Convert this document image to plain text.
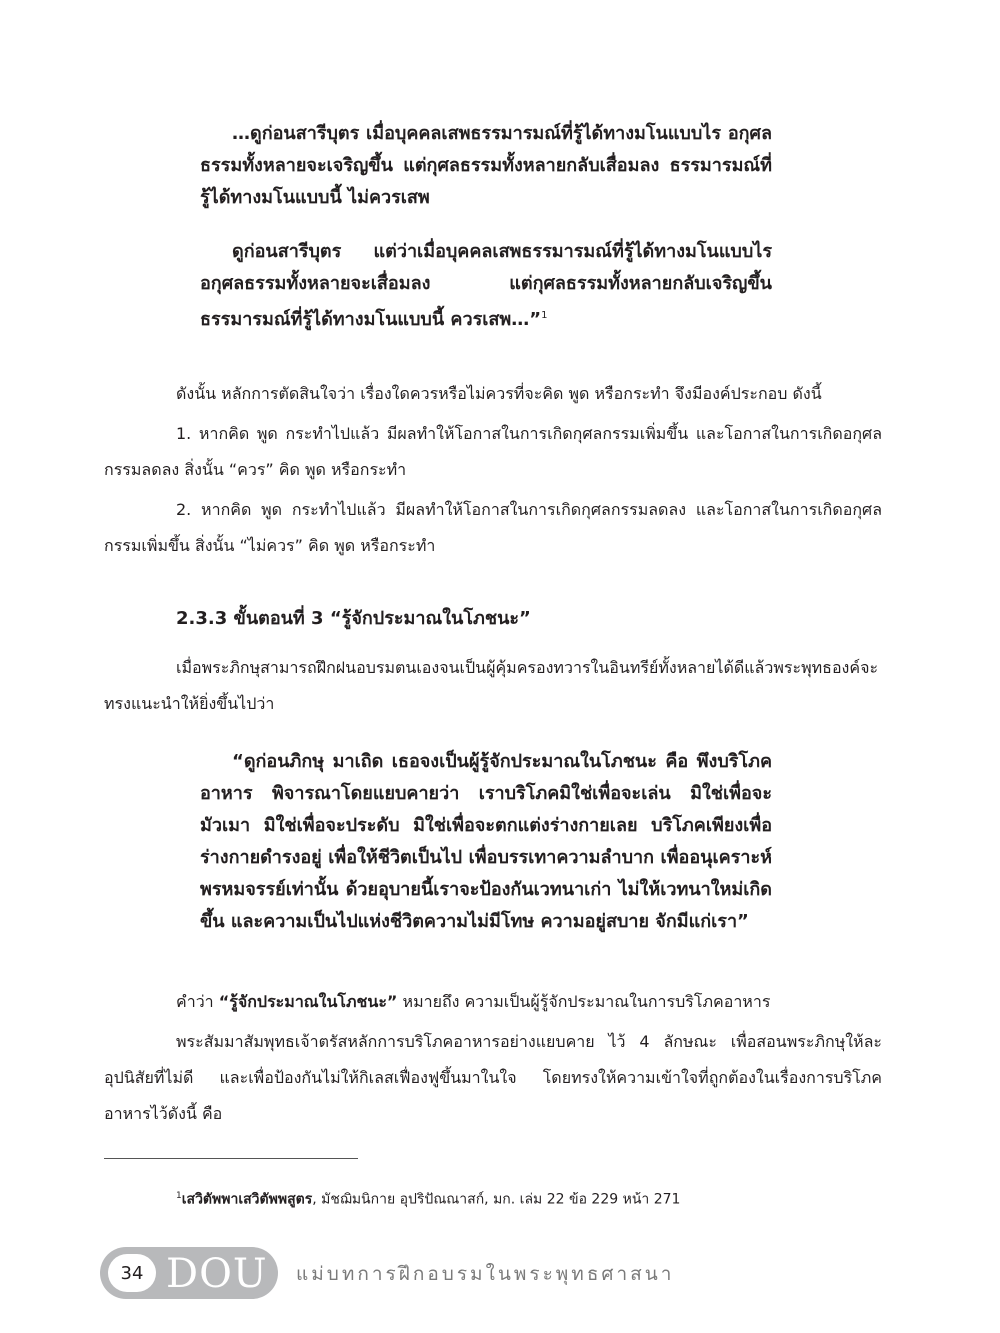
…ดูก่อนสารีบุตร เมื่อบุคคลเสพธรรมารมณ์ที่รู้ได้ทางมโนแบบไร อกุศลธรรมทั้งหลายจะเจริญขึ้น แต่กุศลธรรมทั้งหลายกลับเสื่อมลง ธรรมารมณ์ที่รู้ได้ทางมโนแบบนี้ ไม่ควรเสพ

ดูก่อนสารีบุตร แต่ว่าเมื่อบุคคลเสพธรรมารมณ์ที่รู้ได้ทางมโนแบบไร อกุศลธรรมทั้งหลายจะเสื่อมลง แต่กุศลธรรมทั้งหลายกลับเจริญขึ้น ธรรมารมณ์ที่รู้ได้ทางมโนแบบนี้ ควรเสพ…”$^1$

ดังนั้น หลักการตัดสินใจว่า เรื่องใดควรหรือไม่ควรที่จะคิด พูด หรือกระทำ จึงมีองค์ประกอบ ดังนี้

1. หากคิด พูด กระทำไปแล้ว มีผลทำให้โอกาสในการเกิดกุศลกรรมเพิ่มขึ้น และโอกาสในการเกิดอกุศลกรรมลดลง สิ่งนั้น “ควร” คิด พูด หรือกระทำ

2. หากคิด พูด กระทำไปแล้ว มีผลทำให้โอกาสในการเกิดกุศลกรรมลดลง และโอกาสในการเกิดอกุศลกรรมเพิ่มขึ้น สิ่งนั้น “ไม่ควร” คิด พูด หรือกระทำ

2.3.3 ขั้นตอนที่ 3 “รู้จักประมาณในโภชนะ”

เมื่อพระภิกษุสามารถฝึกฝนอบรมตนเองจนเป็นผู้คุ้มครองทวารในอินทรีย์ทั้งหลายได้ดีแล้วพระพุทธองค์จะทรงแนะนำให้ยิ่งขึ้นไปว่า

“ดูก่อนภิกษุ มาเถิด เธอจงเป็นผู้รู้จักประมาณในโภชนะ คือ พึงบริโภคอาหาร พิจารณาโดยแยบคายว่า เราบริโภคมิใช่เพื่อจะเล่น มิใช่เพื่อจะมัวเมา มิใช่เพื่อจะประดับ มิใช่เพื่อจะตกแต่งร่างกายเลย บริโภคเพียงเพื่อร่างกายดำรงอยู่ เพื่อให้ชีวิตเป็นไป เพื่อบรรเทาความลำบาก เพื่ออนุเคราะห์พรหมจรรย์เท่านั้น ด้วยอุบายนี้เราจะป้องกันเวทนาเก่า ไม่ให้เวทนาใหม่เกิดขึ้น และความเป็นไปแห่งชีวิตความไม่มีโทษ ความอยู่สบาย จักมีแก่เรา”

คำว่า “รู้จักประมาณในโภชนะ” หมายถึง ความเป็นผู้รู้จักประมาณในการบริโภคอาหาร

พระสัมมาสัมพุทธเจ้าตรัสหลักการบริโภคอาหารอย่างแยบคาย ไว้ 4 ลักษณะ เพื่อสอนพระภิกษุให้ละอุปนิสัยที่ไม่ดี และเพื่อป้องกันไม่ให้กิเลสเฟื่องฟูขึ้นมาในใจ โดยทรงให้ความเข้าใจที่ถูกต้องในเรื่องการบริโภคอาหารไว้ดังนี้ คือ

$^1$เสวิตัพพาเสวิตัพพสูตร, มัชฌิมนิกาย อุปริปัณณาสก์, มก. เล่ม 22 ข้อ 229 หน้า 271
34 DOU แม่บทการฝึกอบรมในพระพุทธศาสนา
